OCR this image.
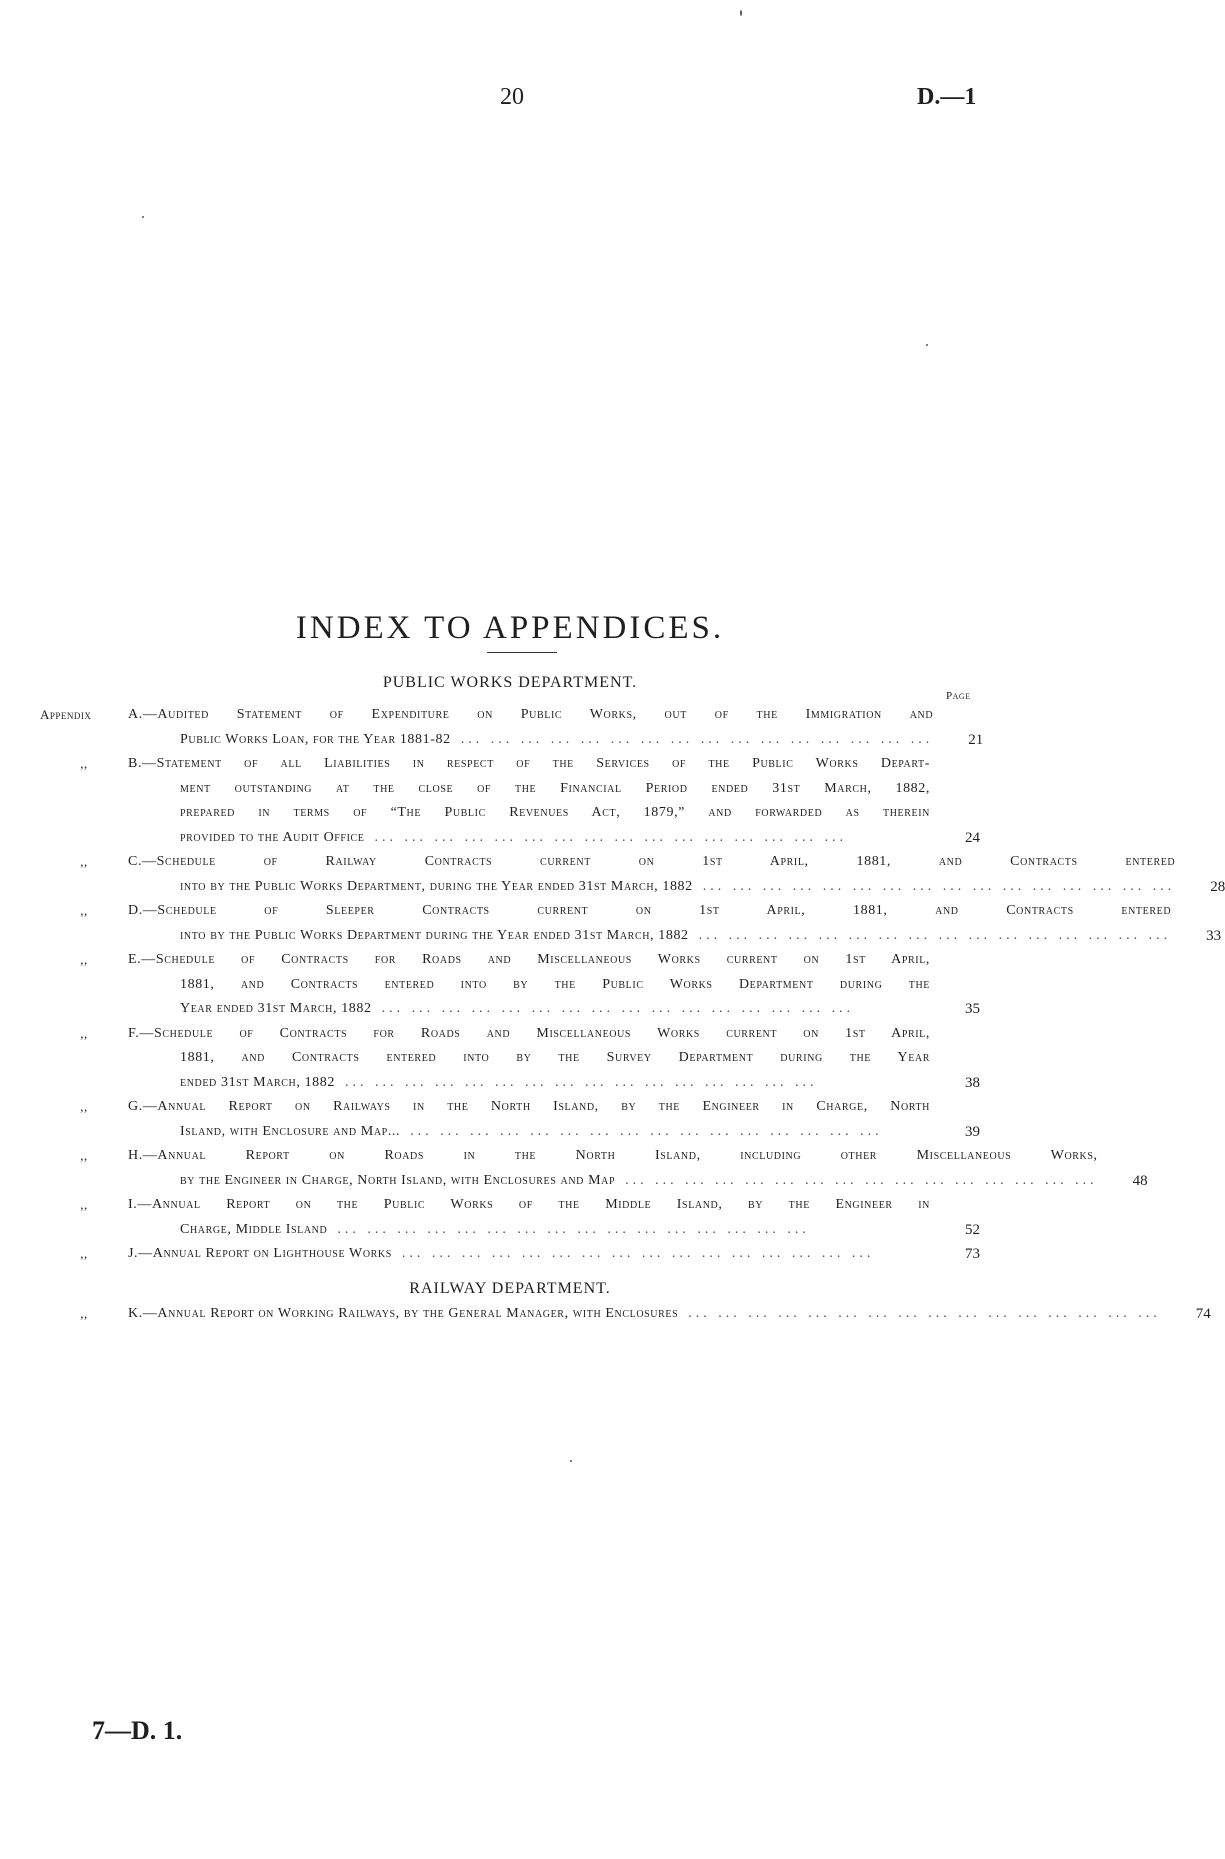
20	D.—1
INDEX TO APPENDICES.
PUBLIC WORKS DEPARTMENT.
Page
Appendix	A.—Audited Statement of Expenditure on Public Works, out of the Immigration and
Public Works Loan, for the Year 1881-82 ... ... ... ... ... ... ... ... ... ... ... ... ... ... ... ...	21
,,	B.—Statement of all Liabilities in respect of the Services of the Public Works Depart-
ment outstanding at the close of the Financial Period ended 31st March, 1882,
prepared in terms of “The Public Revenues Act, 1879,” and forwarded as therein
provided to the Audit Office ... ... ... ... ... ... ... ... ... ... ... ... ... ... ... ...	24
,,	C.—Schedule of Railway Contracts current on 1st April, 1881, and Contracts entered
into by the Public Works Department, during the Year ended 31st March, 1882 ... ... ... ... ... ... ... ... ... ... ... ... ... ... ... ...	28
,,	D.—Schedule of Sleeper Contracts current on 1st April, 1881, and Contracts entered
into by the Public Works Department during the Year ended 31st March, 1882 ... ... ... ... ... ... ... ... ... ... ... ... ... ... ... ...	33
,,	E.—Schedule of Contracts for Roads and Miscellaneous Works current on 1st April,
1881, and Contracts entered into by the Public Works Department during the
Year ended 31st March, 1882 ... ... ... ... ... ... ... ... ... ... ... ... ... ... ... ...	35
,,	F.—Schedule of Contracts for Roads and Miscellaneous Works current on 1st April,
1881, and Contracts entered into by the Survey Department during the Year
ended 31st March, 1882 ... ... ... ... ... ... ... ... ... ... ... ... ... ... ... ...	38
,,	G.—Annual Report on Railways in the North Island, by the Engineer in Charge, North
Island, with Enclosure and Map... ... ... ... ... ... ... ... ... ... ... ... ... ... ... ... ...	39
,,	H.—Annual Report on Roads in the North Island, including other Miscellaneous Works,
by the Engineer in Charge, North Island, with Enclosures and Map ... ... ... ... ... ... ... ... ... ... ... ... ... ... ... ...	48
,,	I.—Annual Report on the Public Works of the Middle Island, by the Engineer in
Charge, Middle Island ... ... ... ... ... ... ... ... ... ... ... ... ... ... ... ...	52
,,	J.—Annual Report on Lighthouse Works ... ... ... ... ... ... ... ... ... ... ... ... ... ... ... ...	73
RAILWAY DEPARTMENT.
,,	K.—Annual Report on Working Railways, by the General Manager, with Enclosures ... ... ... ... ... ... ... ... ... ... ... ... ... ... ... ...	74
7—D. 1.
